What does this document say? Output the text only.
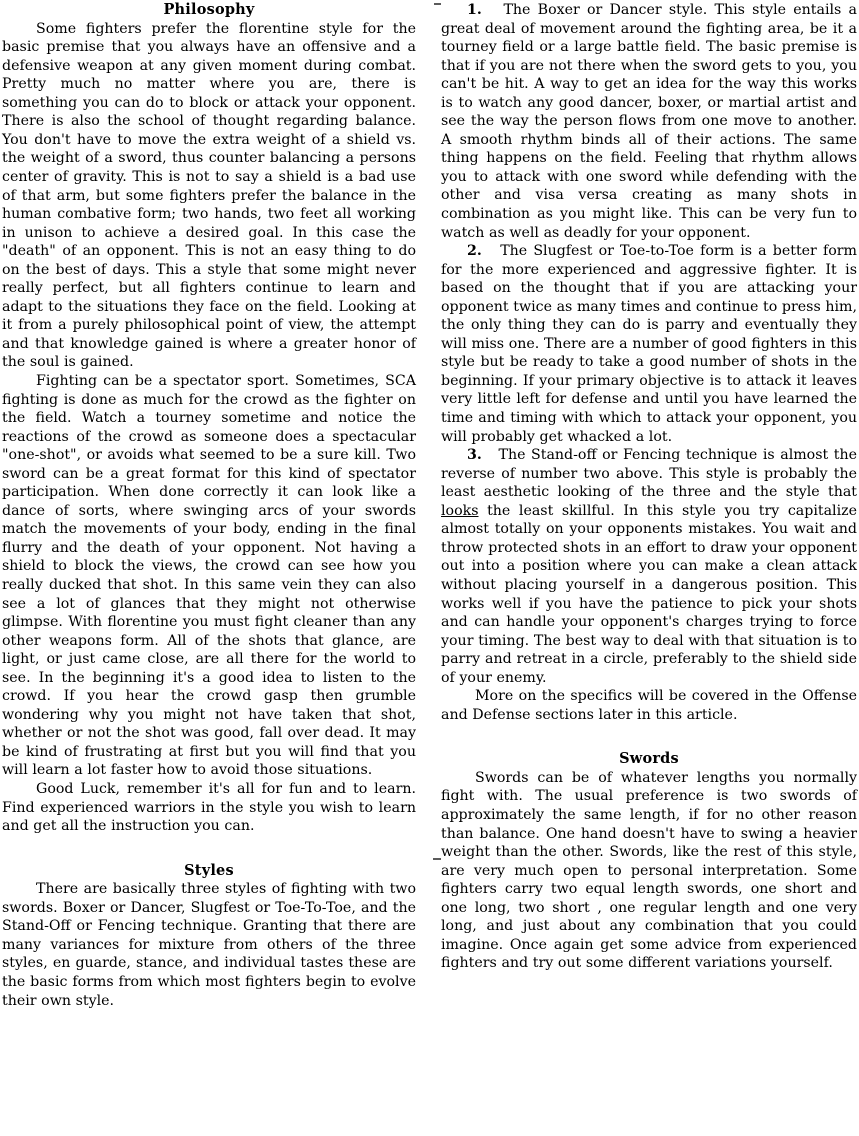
Philosophy

Some fighters prefer the florentine style for the basic premise that you always have an offensive and a defensive weapon at any given moment during combat. Pretty much no matter where you are, there is something you can do to block or attack your opponent. There is also the school of thought regarding balance. You don't have to move the extra weight of a shield vs. the weight of a sword, thus counter balancing a persons center of gravity. This is not to say a shield is a bad use of that arm, but some fighters prefer the balance in the human combative form; two hands, two feet all working in unison to achieve a desired goal. In this case the "death" of an opponent. This is not an easy thing to do on the best of days. This a style that some might never really perfect, but all fighters continue to learn and adapt to the situations they face on the field. Looking at it from a purely philosophical point of view, the attempt and that knowledge gained is where a greater honor of the soul is gained.

Fighting can be a spectator sport. Sometimes, SCA fighting is done as much for the crowd as the fighter on the field. Watch a tourney sometime and notice the reactions of the crowd as someone does a spectacular "one-shot", or avoids what seemed to be a sure kill. Two sword can be a great format for this kind of spectator participation. When done correctly it can look like a dance of sorts, where swinging arcs of your swords match the movements of your body, ending in the final flurry and the death of your opponent. Not having a shield to block the views, the crowd can see how you really ducked that shot. In this same vein they can also see a lot of glances that they might not otherwise glimpse. With florentine you must fight cleaner than any other weapons form. All of the shots that glance, are light, or just came close, are all there for the world to see. In the beginning it's a good idea to listen to the crowd. If you hear the crowd gasp then grumble wondering why you might not have taken that shot, whether or not the shot was good, fall over dead. It may be kind of frustrating at first but you will find that you will learn a lot faster how to avoid those situations.

Good Luck, remember it's all for fun and to learn. Find experienced warriors in the style you wish to learn and get all the instruction you can.

Styles

There are basically three styles of fighting with two swords. Boxer or Dancer, Slugfest or Toe-To-Toe, and the Stand-Off or Fencing technique. Granting that there are many variances for mixture from others of the three styles, en guarde, stance, and individual tastes these are the basic forms from which most fighters begin to evolve their own style.

1. The Boxer or Dancer style. This style entails a great deal of movement around the fighting area, be it a tourney field or a large battle field. The basic premise is that if you are not there when the sword gets to you, you can't be hit. A way to get an idea for the way this works is to watch any good dancer, boxer, or martial artist and see the way the person flows from one move to another. A smooth rhythm binds all of their actions. The same thing happens on the field. Feeling that rhythm allows you to attack with one sword while defending with the other and visa versa creating as many shots in combination as you might like. This can be very fun to watch as well as deadly for your opponent.

2. The Slugfest or Toe-to-Toe form is a better form for the more experienced and aggressive fighter. It is based on the thought that if you are attacking your opponent twice as many times and continue to press him, the only thing they can do is parry and eventually they will miss one. There are a number of good fighters in this style but be ready to take a good number of shots in the beginning. If your primary objective is to attack it leaves very little left for defense and until you have learned the time and timing with which to attack your opponent, you will probably get whacked a lot.

3. The Stand-off or Fencing technique is almost the reverse of number two above. This style is probably the least aesthetic looking of the three and the style that looks the least skillful. In this style you try capitalize almost totally on your opponents mistakes. You wait and throw protected shots in an effort to draw your opponent out into a position where you can make a clean attack without placing yourself in a dangerous position. This works well if you have the patience to pick your shots and can handle your opponent's charges trying to force your timing. The best way to deal with that situation is to parry and retreat in a circle, preferably to the shield side of your enemy.

More on the specifics will be covered in the Offense and Defense sections later in this article.

Swords

Swords can be of whatever lengths you normally fight with. The usual preference is two swords of approximately the same length, if for no other reason than balance. One hand doesn't have to swing a heavier weight than the other. Swords, like the rest of this style, are very much open to personal interpretation. Some fighters carry two equal length swords, one short and one long, two short , one regular length and one very long, and just about any combination that you could imagine. Once again get some advice from experienced fighters and try out some different variations yourself.
